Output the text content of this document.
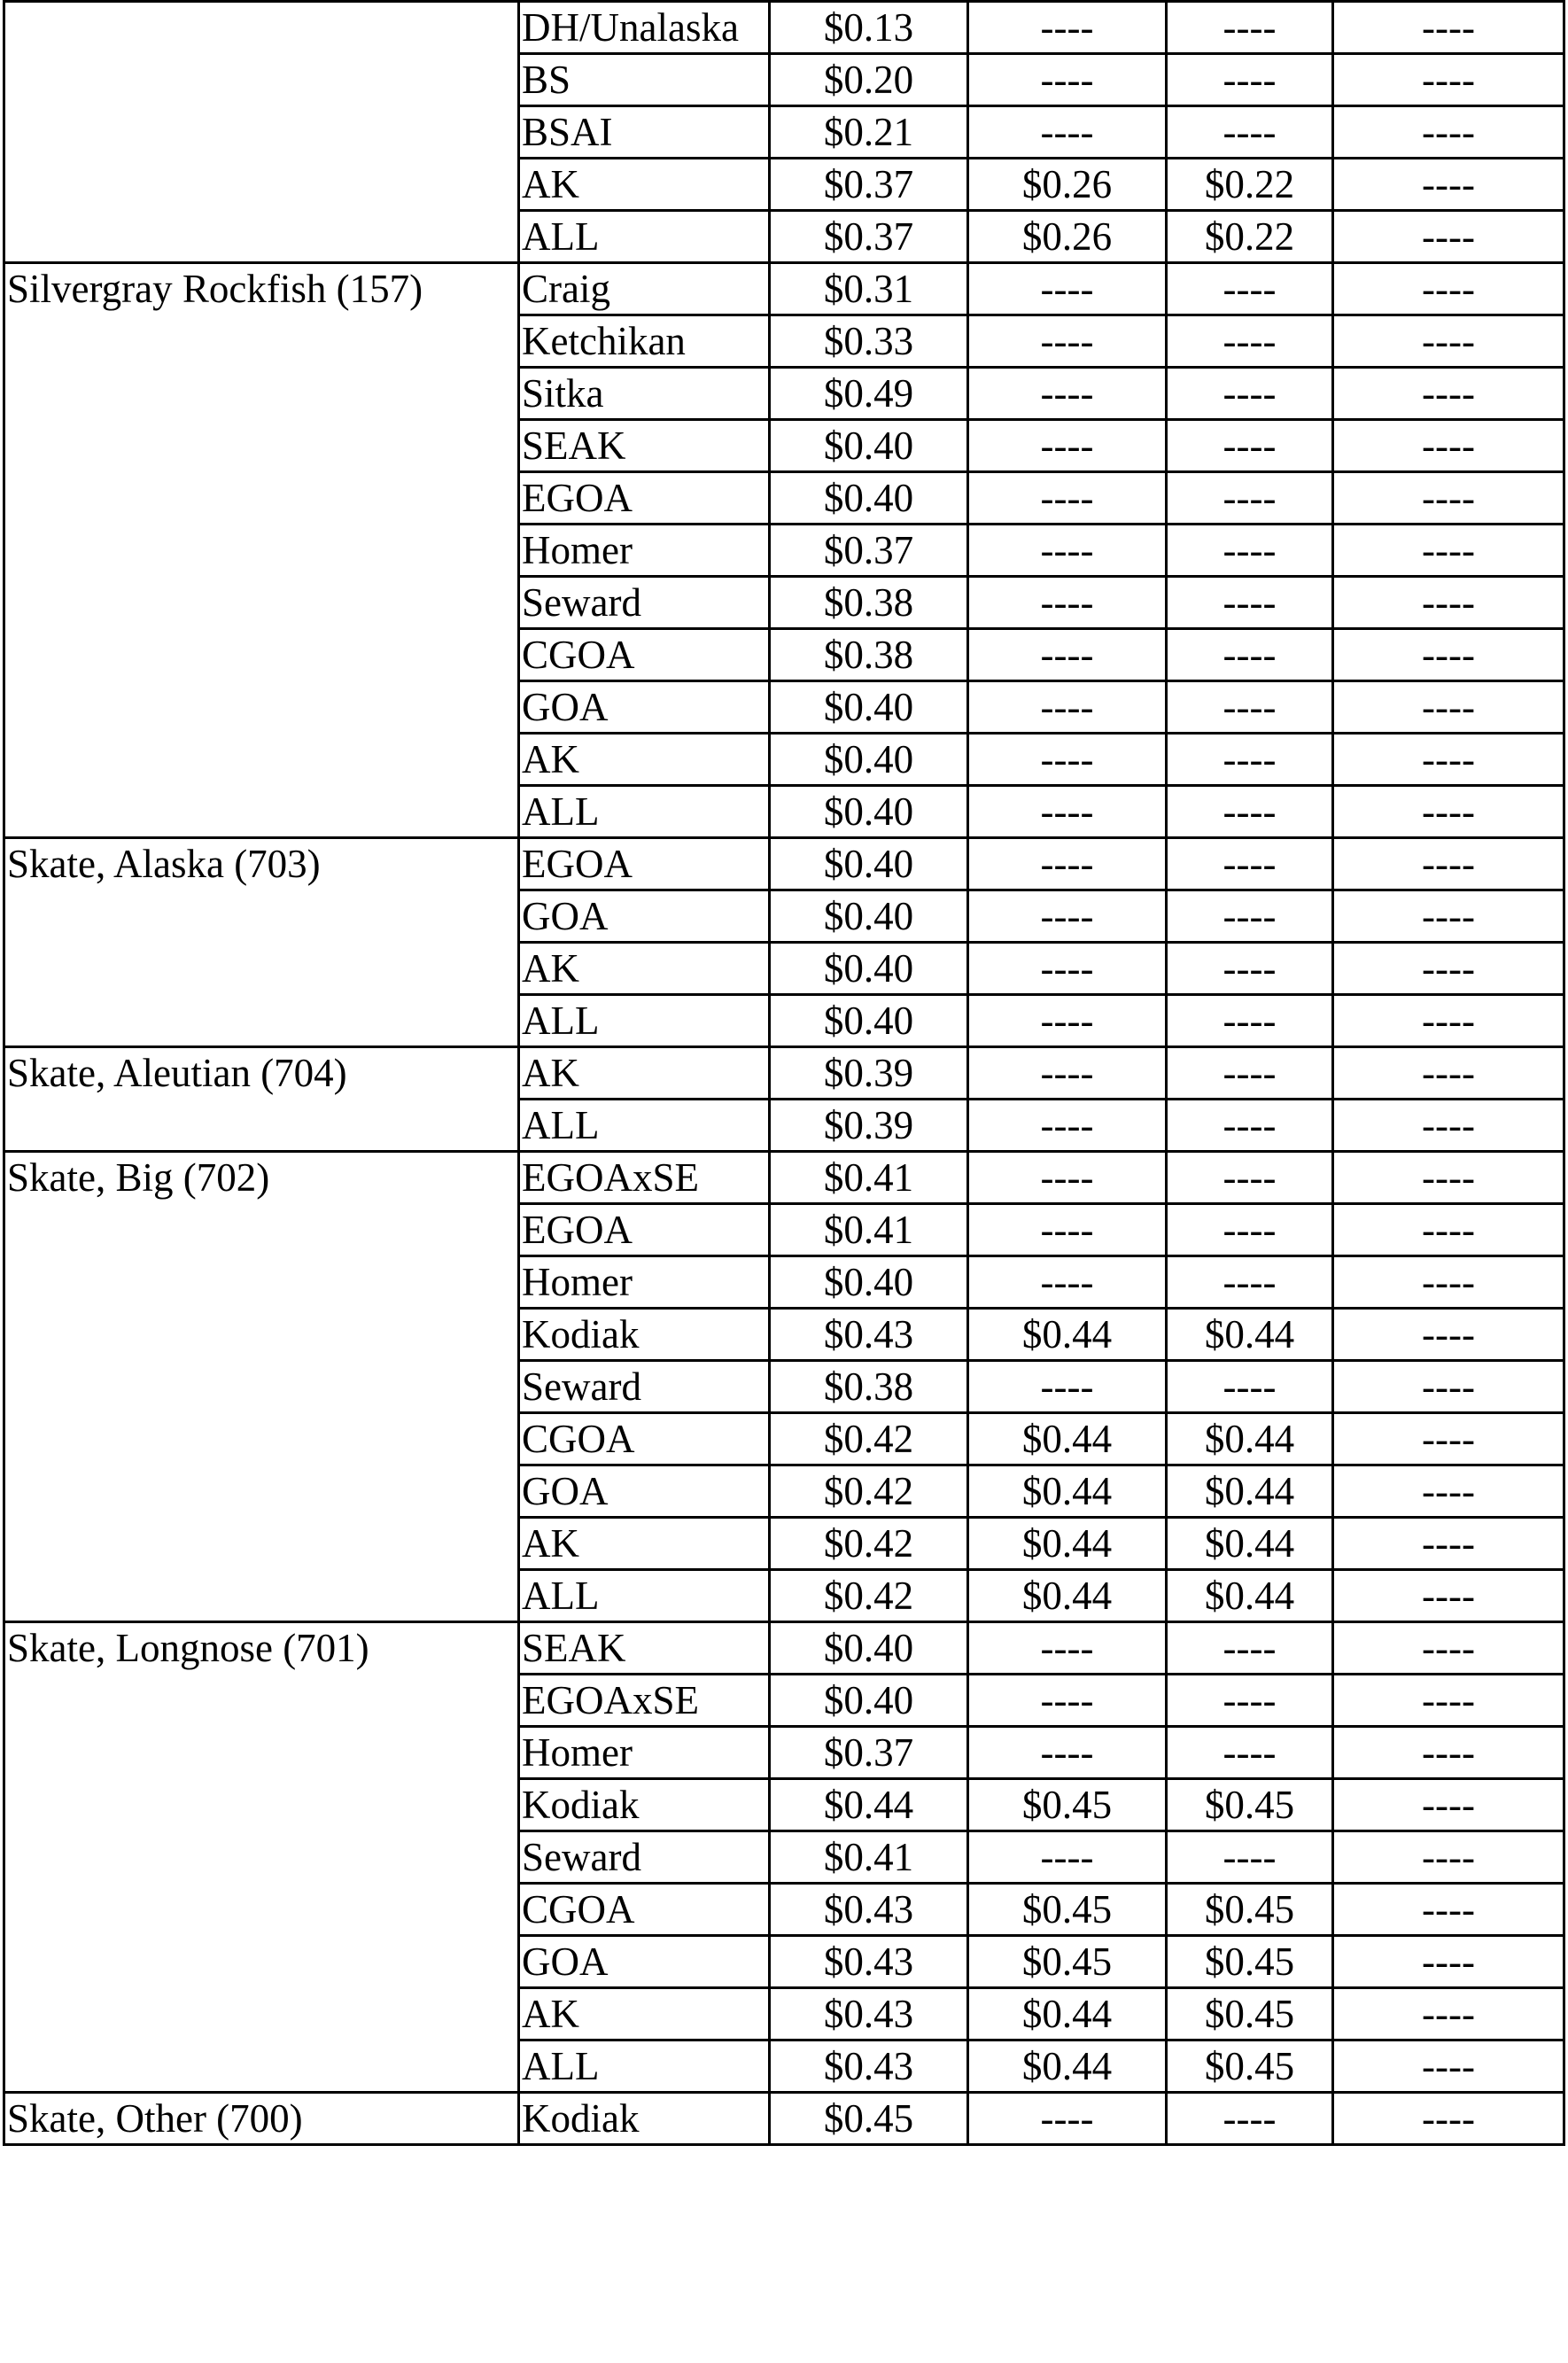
	DH/Unalaska	$0.13	----	----	----
	BS	$0.20	----	----	----
	BSAI	$0.21	----	----	----
	AK	$0.37	$0.26	$0.22	----
	ALL	$0.37	$0.26	$0.22	----
Silvergray Rockfish (157)	Craig	$0.31	----	----	----
	Ketchikan	$0.33	----	----	----
	Sitka	$0.49	----	----	----
	SEAK	$0.40	----	----	----
	EGOA	$0.40	----	----	----
	Homer	$0.37	----	----	----
	Seward	$0.38	----	----	----
	CGOA	$0.38	----	----	----
	GOA	$0.40	----	----	----
	AK	$0.40	----	----	----
	ALL	$0.40	----	----	----
Skate, Alaska (703)	EGOA	$0.40	----	----	----
	GOA	$0.40	----	----	----
	AK	$0.40	----	----	----
	ALL	$0.40	----	----	----
Skate, Aleutian (704)	AK	$0.39	----	----	----
	ALL	$0.39	----	----	----
Skate, Big (702)	EGOAxSE	$0.41	----	----	----
	EGOA	$0.41	----	----	----
	Homer	$0.40	----	----	----
	Kodiak	$0.43	$0.44	$0.44	----
	Seward	$0.38	----	----	----
	CGOA	$0.42	$0.44	$0.44	----
	GOA	$0.42	$0.44	$0.44	----
	AK	$0.42	$0.44	$0.44	----
	ALL	$0.42	$0.44	$0.44	----
Skate, Longnose (701)	SEAK	$0.40	----	----	----
	EGOAxSE	$0.40	----	----	----
	Homer	$0.37	----	----	----
	Kodiak	$0.44	$0.45	$0.45	----
	Seward	$0.41	----	----	----
	CGOA	$0.43	$0.45	$0.45	----
	GOA	$0.43	$0.45	$0.45	----
	AK	$0.43	$0.44	$0.45	----
	ALL	$0.43	$0.44	$0.45	----
Skate, Other (700)	Kodiak	$0.45	----	----	----
